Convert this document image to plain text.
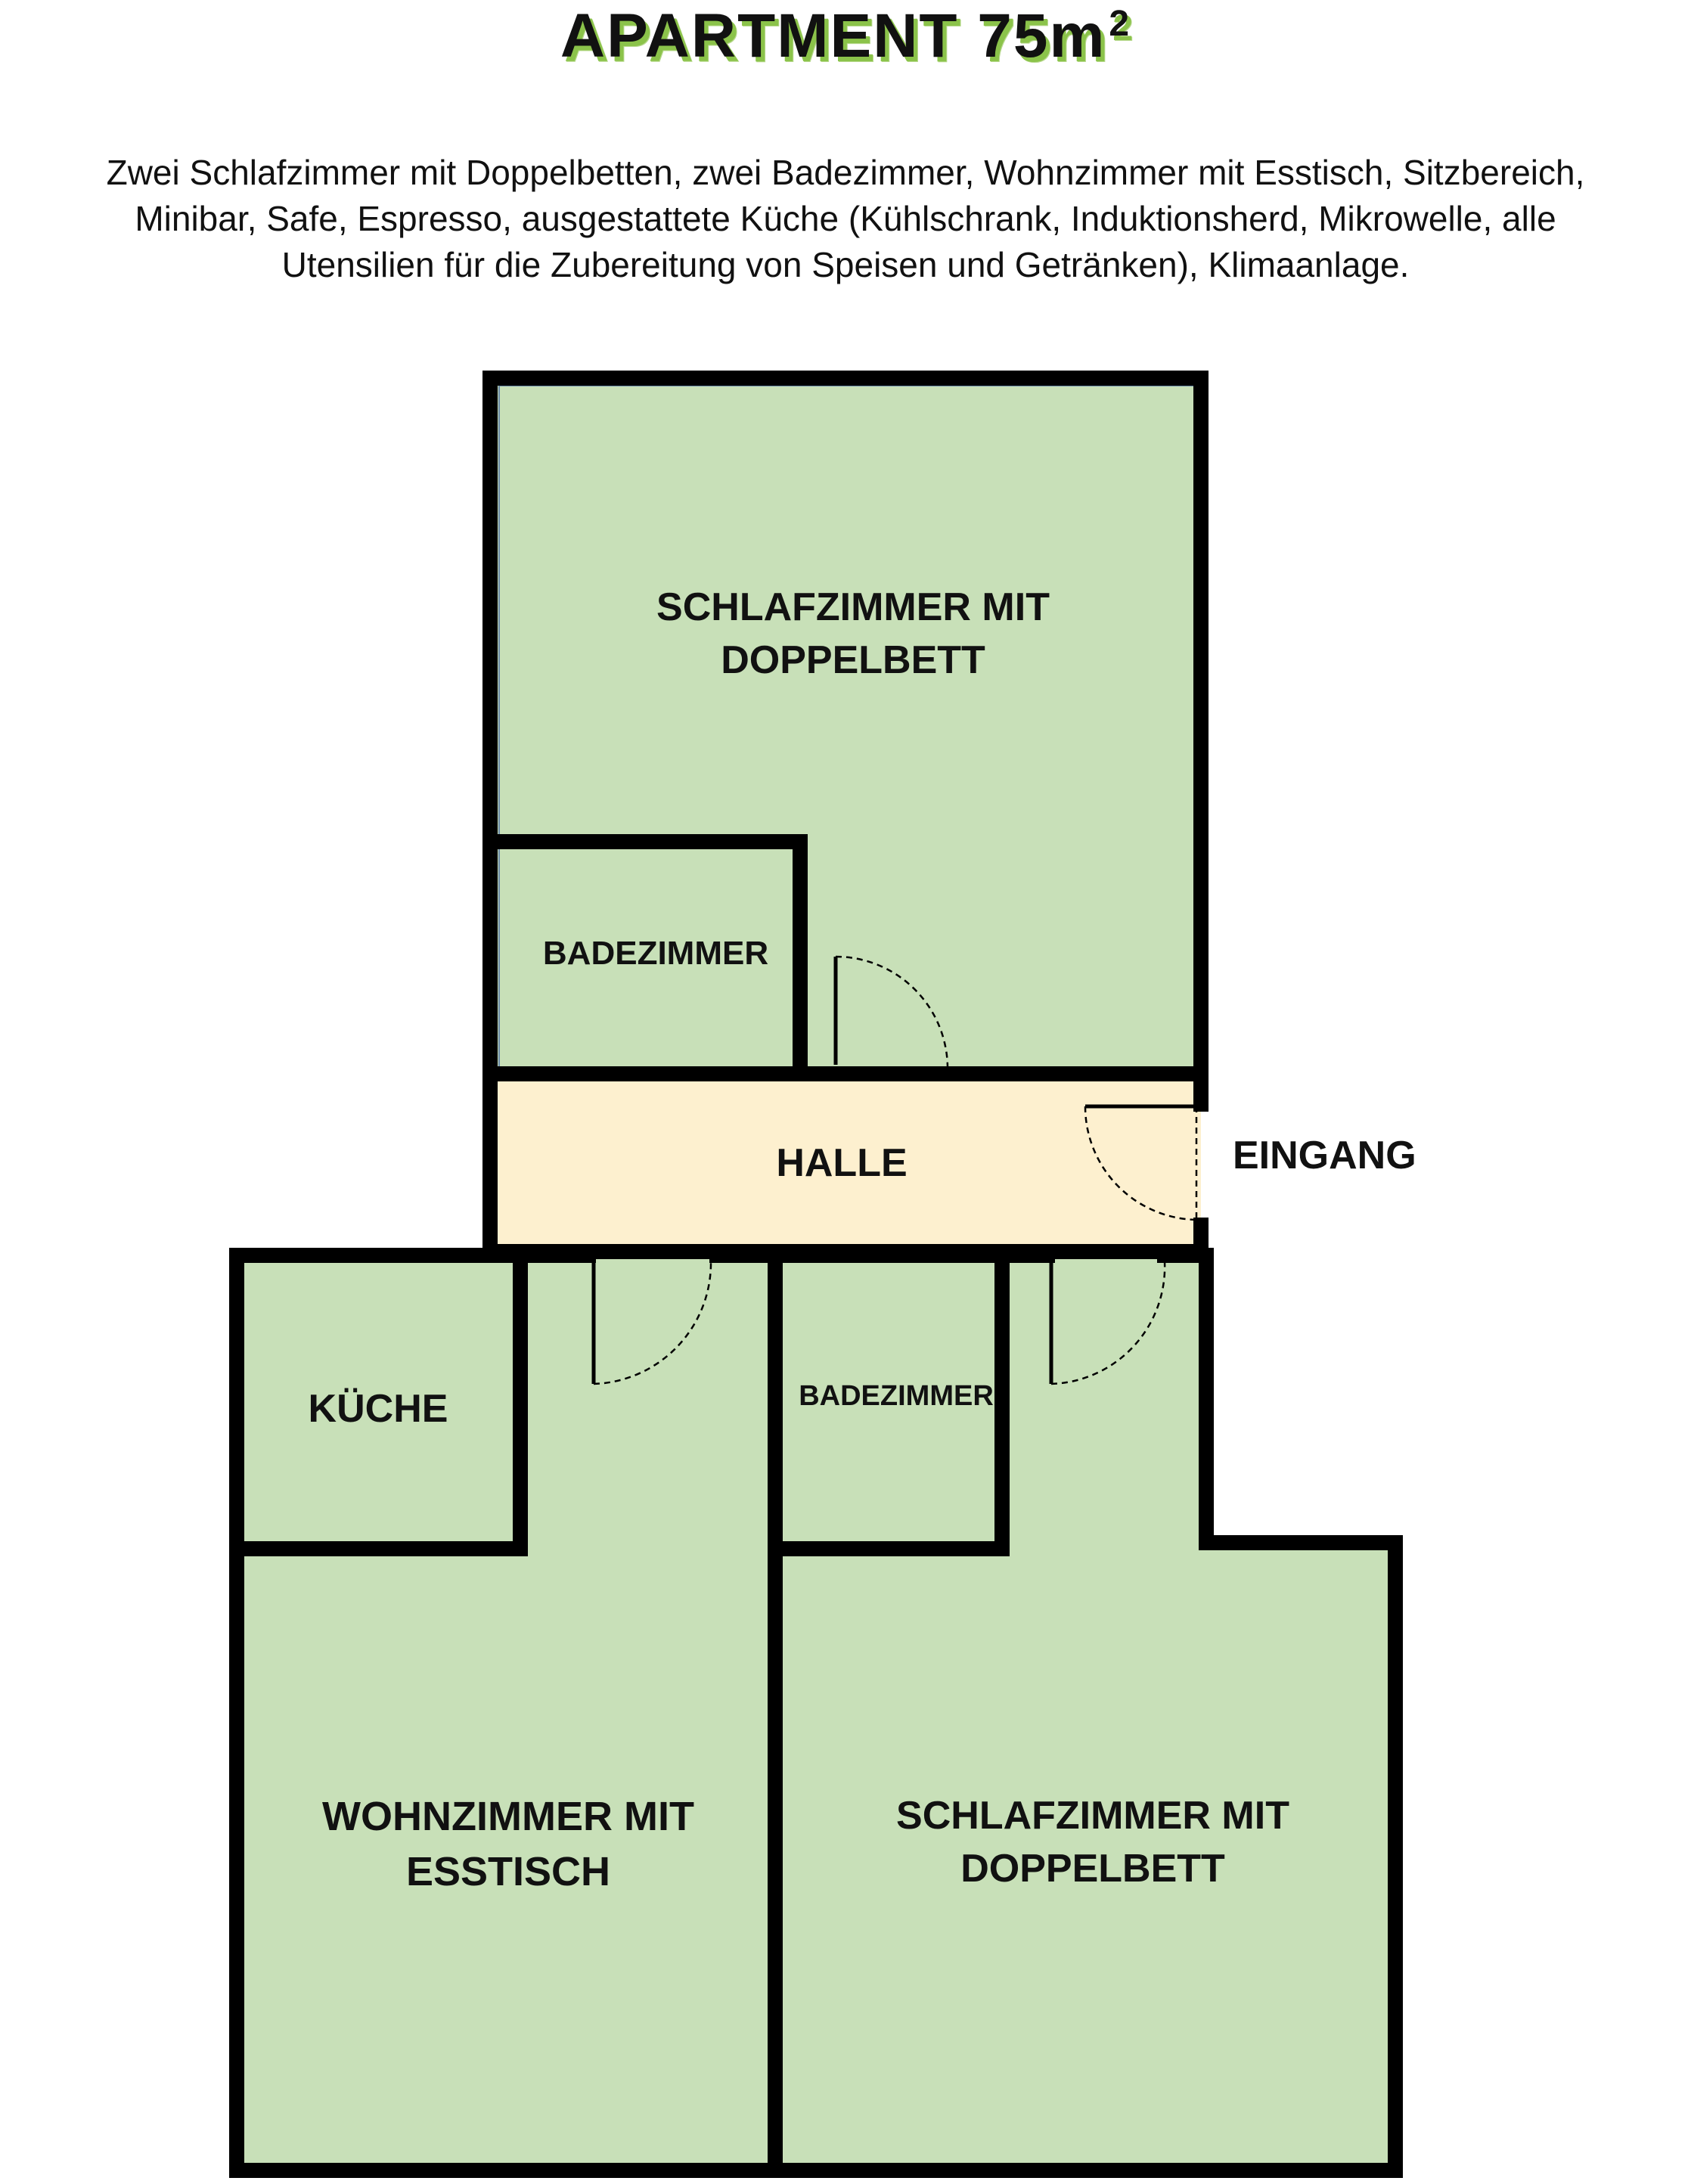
APARTMENT $75m^2$
Zwei Schlafzimmer mit Doppelbetten, zwei Badezimmer, Wohnzimmer mit Esstisch, Sitzbereich, Minibar, Safe, Espresso, ausgestattete Küche (Kühlschrank, Induktionsherd, Mikrowelle, alle Utensilien für die Zubereitung von Speisen und Getränken), Klimaanlage.
SCHLAFZIMMER MIT
DOPPELBETT
BADEZIMMER
HALLE	EINGANG
KÜCHE	BADEZIMMER
WOHNZIMMER MIT
ESSTISCH
SCHLAFZIMMER MIT
DOPPELBETT
